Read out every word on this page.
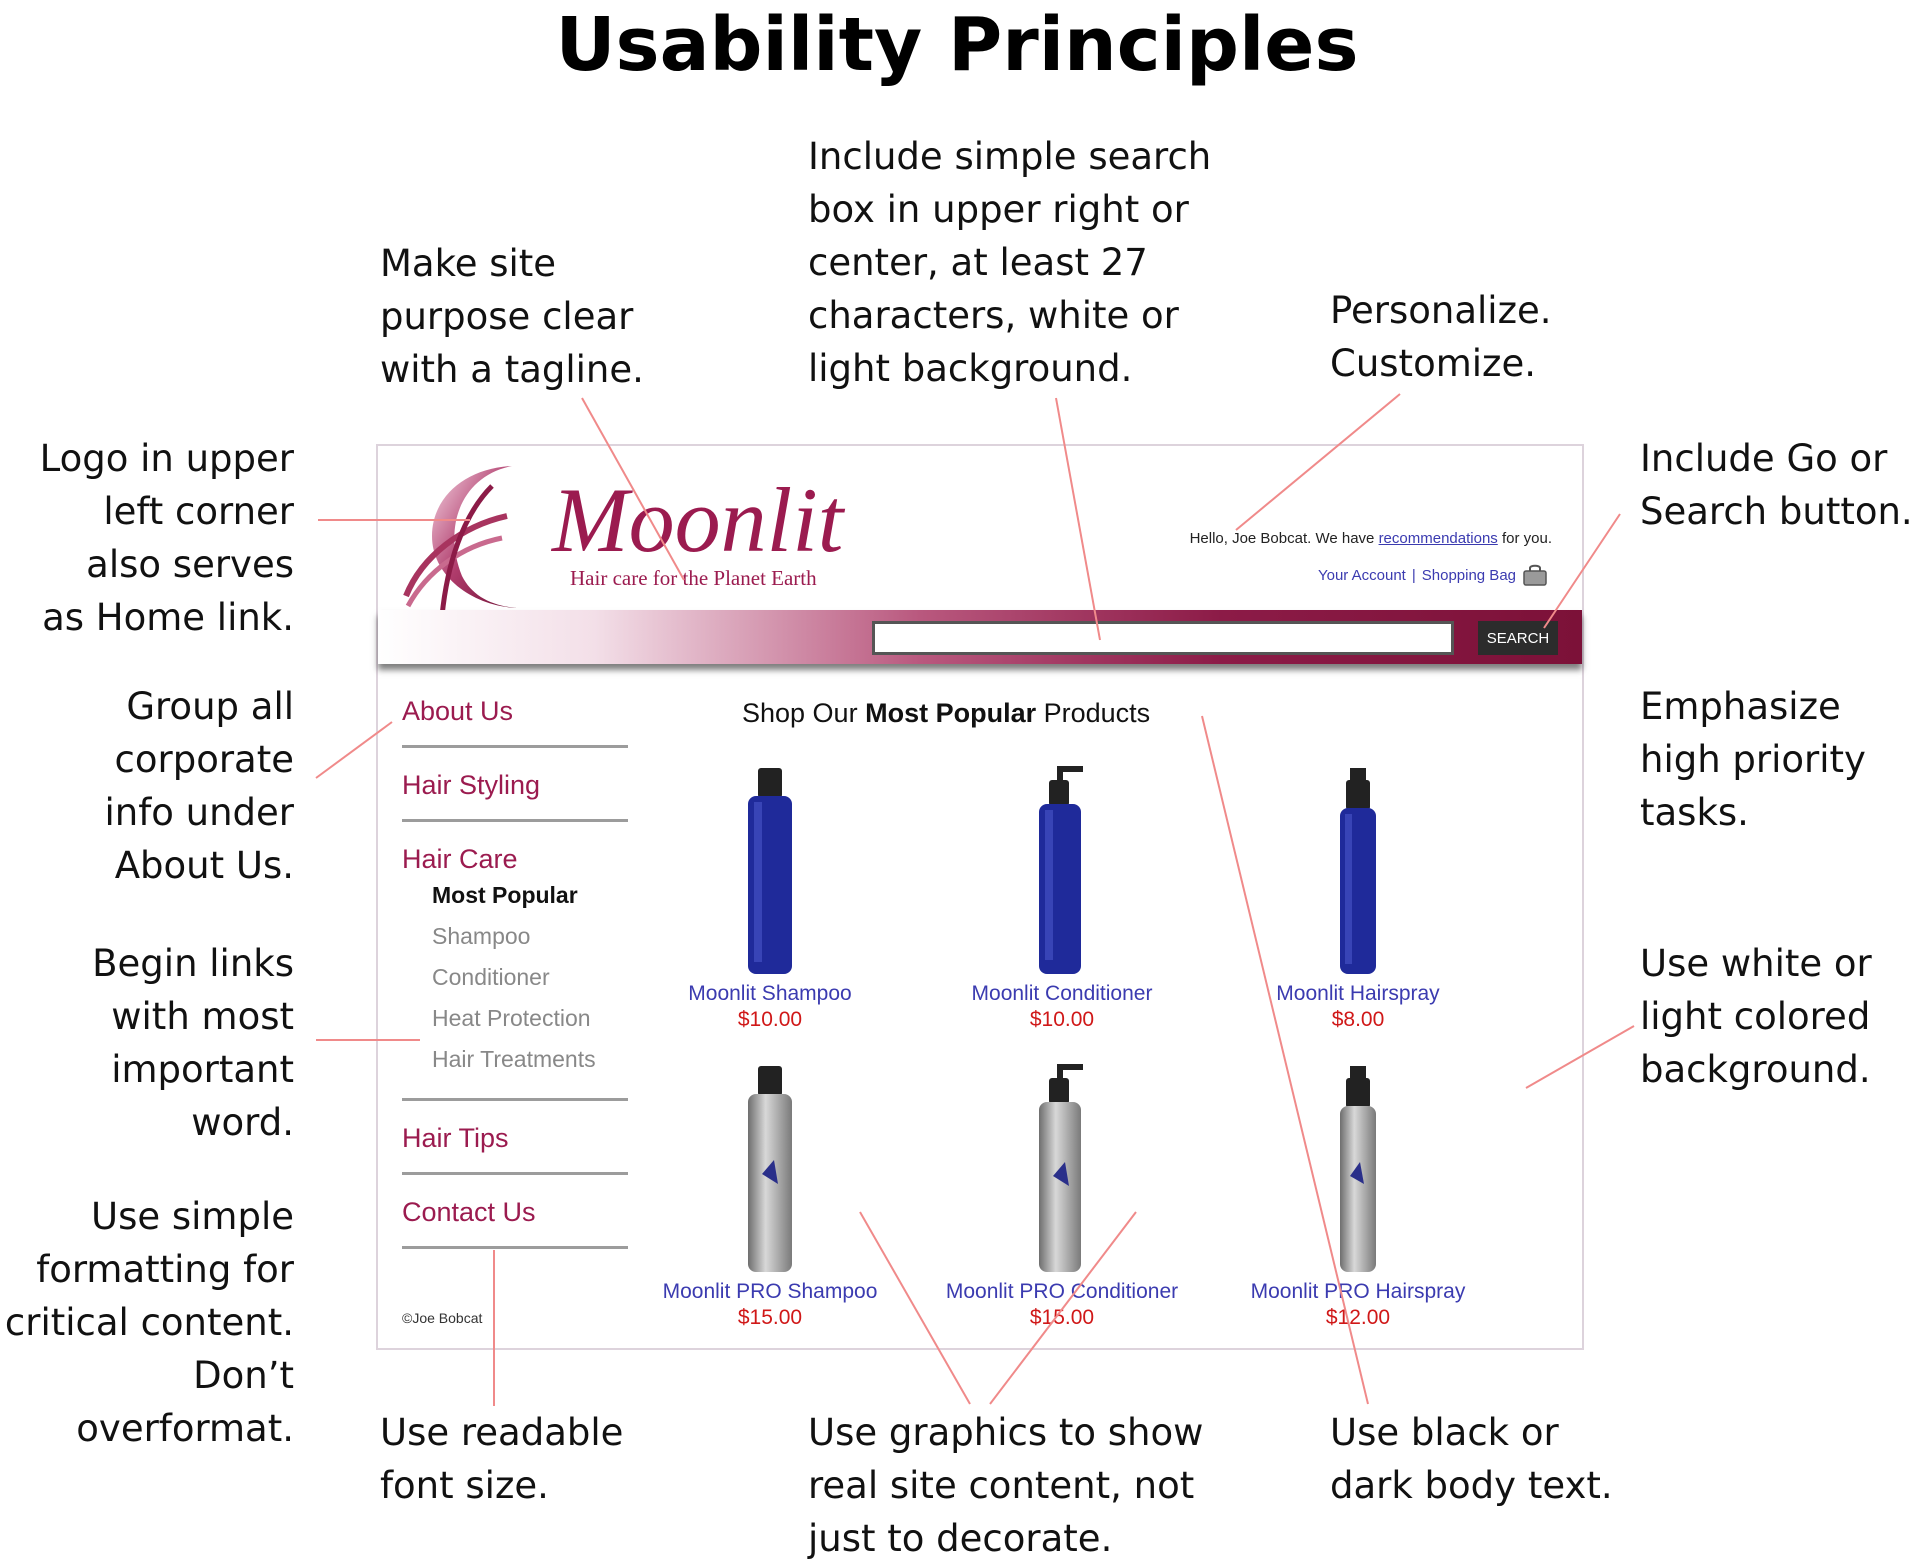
Usability Principles
Make site
purpose clear
with a tagline.
Include simple search
box in upper right or
center, at least 27
characters, white or
light background.
Personalize.
Customize.
Logo in upper
left corner
also serves
as Home link.
Include Go or
Search button.
Group all
corporate
info under
About Us.
Emphasize
high priority
tasks.
Begin links
with most
important
word.
Use white or
light colored
background.
Use simple
formatting for
critical content.
Don’t
overformat. Use readable
font size.
Use graphics to show
real site content, not
just to decorate.
Use black or
dark body text.
Moonlit
Hair care for the Planet Earth
Hello, Joe Bobcat. We have recommendations for you.
Your Account | Shopping Bag
SEARCH
About Us
Hair Styling
Hair Care
Most Popular
Shampoo
Conditioner
Heat Protection
Hair Treatments
Hair Tips
Contact Us
©Joe Bobcat
Shop Our Most Popular Products
Moonlit Shampoo
$10.00
Moonlit Conditioner
$10.00
Moonlit Hairspray
$8.00
Moonlit PRO Shampoo
$15.00
Moonlit PRO Conditioner
$15.00
Moonlit PRO Hairspray
$12.00
